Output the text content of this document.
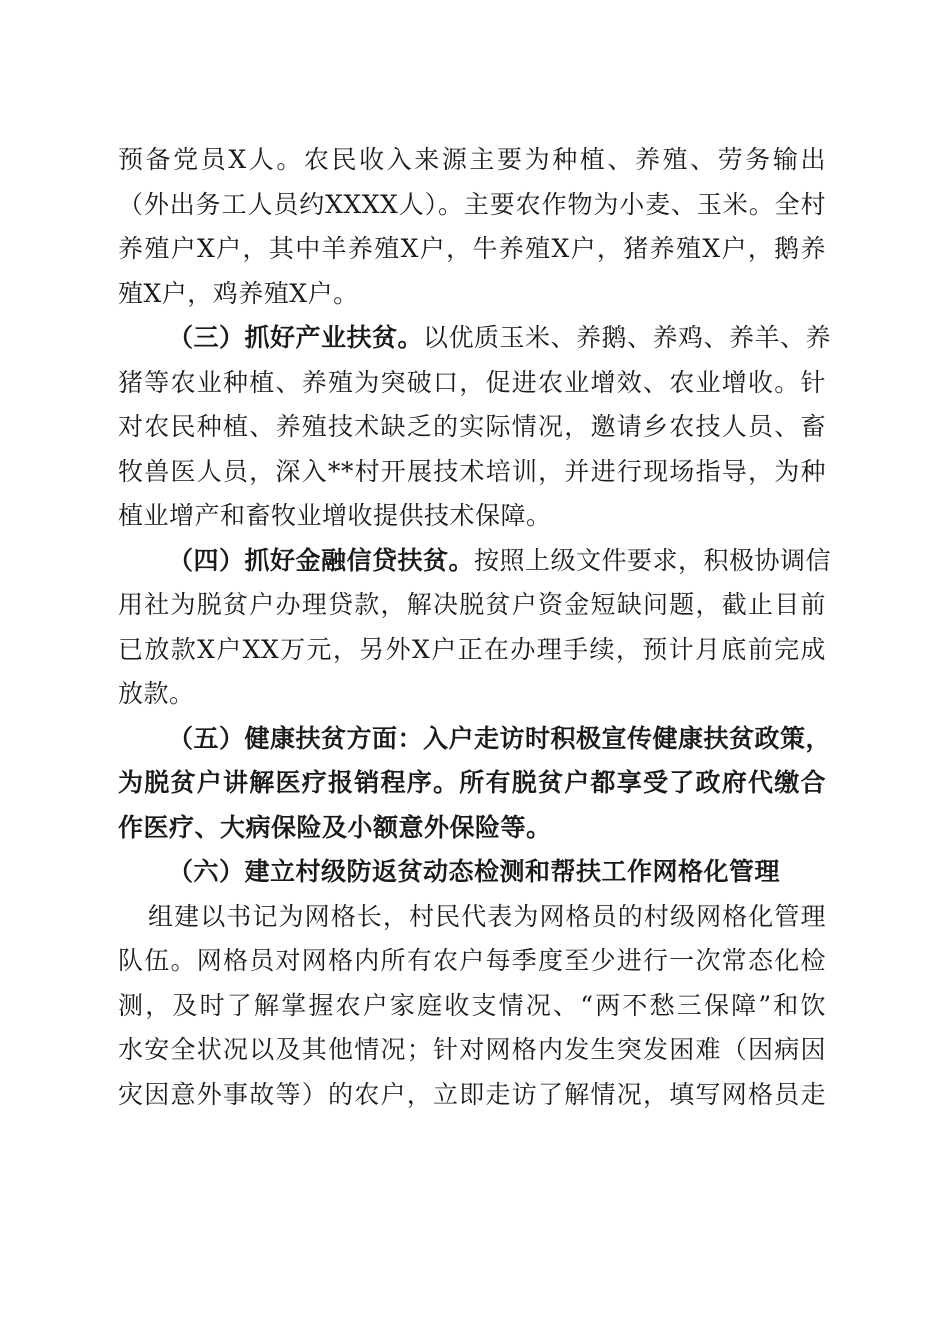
预备党员X人。农民收入来源主要为种植、养殖、劳务输出
（外出务工人员约XXXX人）。主要农作物为小麦、玉米。全村
养殖户X户，其中羊养殖X户，牛养殖X户，猪养殖X户，鹅养
殖X户，鸡养殖X户。
（三）抓好产业扶贫。以优质玉米、养鹅、养鸡、养羊、养
猪等农业种植、养殖为突破口，促进农业增效、农业增收。针
对农民种植、养殖技术缺乏的实际情况，邀请乡农技人员、畜
牧兽医人员，深入**村开展技术培训，并进行现场指导，为种
植业增产和畜牧业增收提供技术保障。
（四）抓好金融信贷扶贫。按照上级文件要求，积极协调信
用社为脱贫户办理贷款，解决脱贫户资金短缺问题，截止目前
已放款X户XX万元，另外X户正在办理手续，预计月底前完成
放款。
（五）健康扶贫方面：入户走访时积极宣传健康扶贫政策，
为脱贫户讲解医疗报销程序。所有脱贫户都享受了政府代缴合
作医疗、大病保险及小额意外保险等。
（六）建立村级防返贫动态检测和帮扶工作网格化管理
组建以书记为网格长，村民代表为网格员的村级网格化管理
队伍。网格员对网格内所有农户每季度至少进行一次常态化检
测，及时了解掌握农户家庭收支情况、“两不愁三保障”和饮
水安全状况以及其他情况；针对网格内发生突发困难（因病因
灾因意外事故等）的农户，立即走访了解情况，填写网格员走
